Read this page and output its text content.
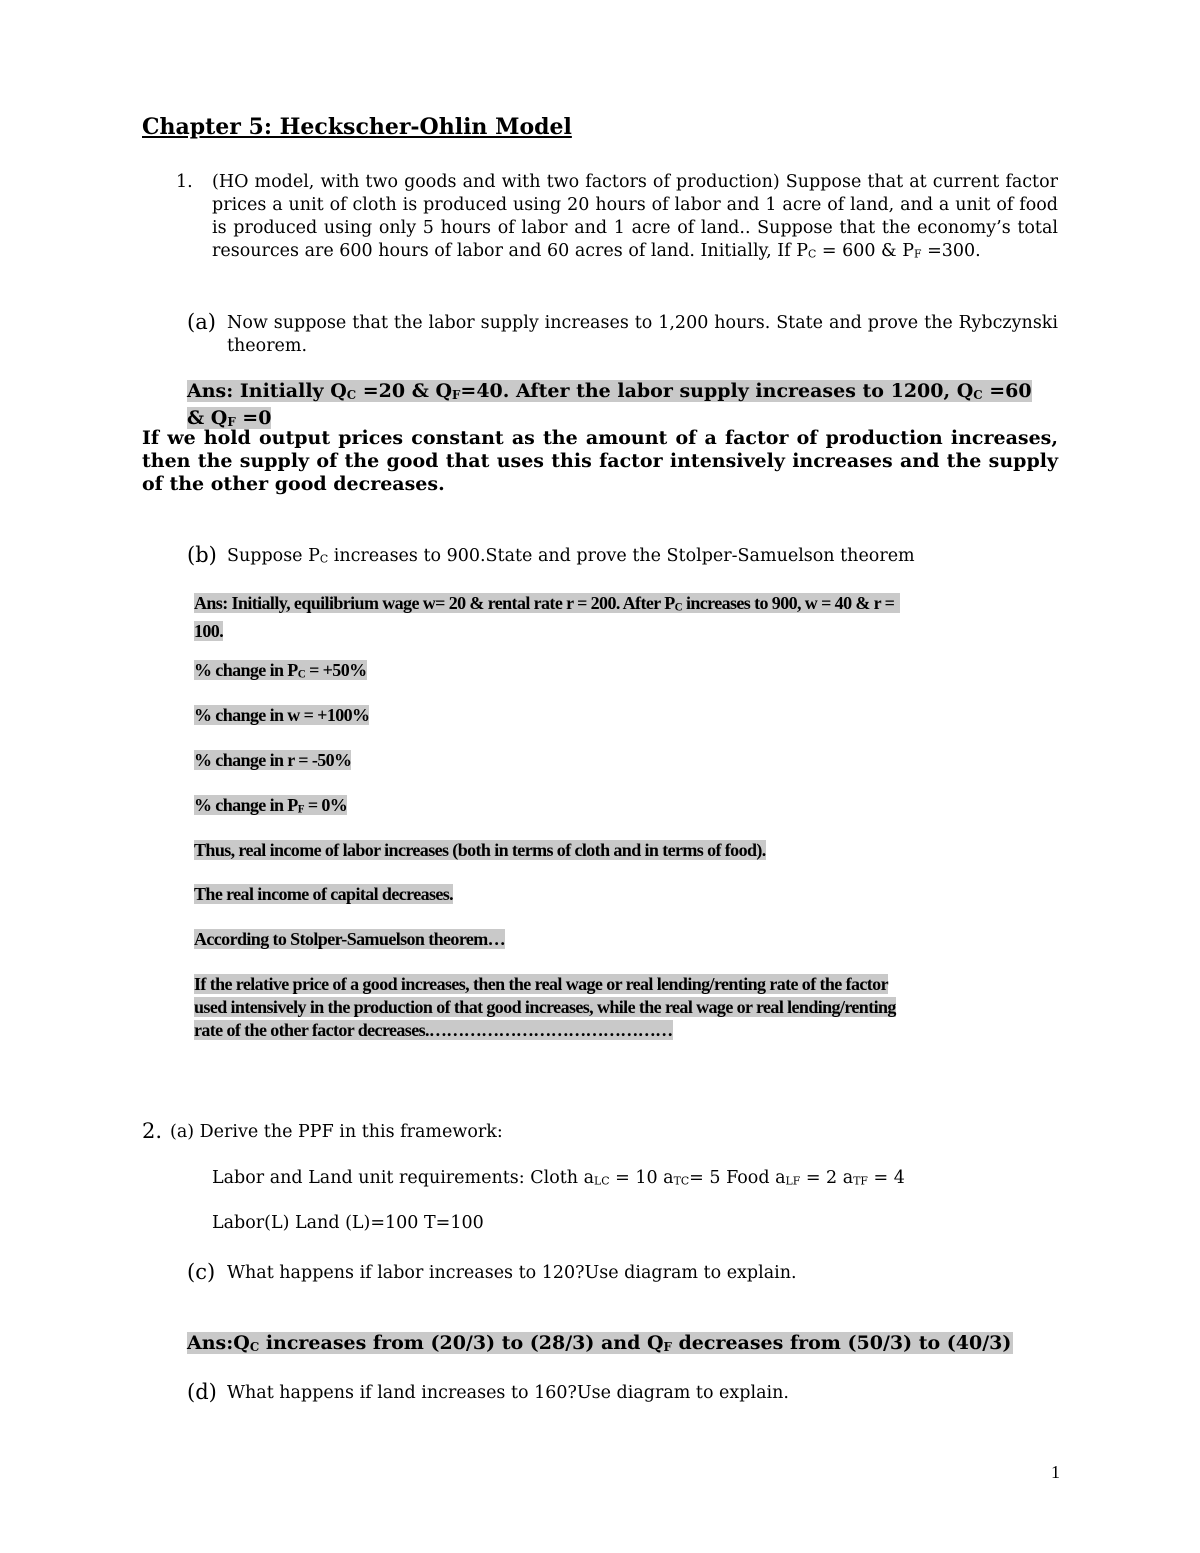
Chapter 5: Heckscher-Ohlin Model
1. (HO model, with two goods and with two factors of production) Suppose that at current factor prices a unit of cloth is produced using 20 hours of labor and 1 acre of land, and a unit of food is produced using only 5 hours of labor and 1 acre of land.. Suppose that the economy’s total resources are 600 hours of labor and 60 acres of land. Initially, If $P_C = 600$ & $P_F =300$.

(a) Now suppose that the labor supply increases to 1,200 hours. State and prove the Rybczynski theorem.

Ans: Initially $Q_C =20$ & $Q_F=40$. After the labor supply increases to 1200, $Q_C =60$
& $Q_F =0$

If we hold output prices constant as the amount of a factor of production increases, then the supply of the good that uses this factor intensively increases and the supply of the other good decreases.

(b) Suppose $P_C$ increases to 900.State and prove the Stolper-Samuelson theorem

Ans: Initially, equilibrium wage w= 20 & rental rate r = 200. After $P_C$ increases to 900, w = 40 & r =
100.
% change in $P_C = +50\%$
% change in w = +100%
% change in r = -50%
% change in $P_F = 0\%$
Thus, real income of labor increases (both in terms of cloth and in terms of food).
The real income of capital decreases.
According to Stolper-Samuelson theorem…
If the relative price of a good increases, then the real wage or real lending/renting rate of the factor
used intensively in the production of that good increases, while the real wage or real lending/renting
rate of the other factor decreases.……………………………………
2. (a) Derive the PPF in this framework:

Labor and Land unit requirements: Cloth $a_{LC} = 10$ $a_{TC}= 5$ Food $a_{LF} = 2$ $a_{TF} = 4$

Labor(L) Land (L)=100 T=100

(c) What happens if labor increases to 120?Use diagram to explain.

$Ans:Q_C$ increases from (20/3) to (28/3) and $Q_F$ decreases from (50/3) to (40/3)
(d) What happens if land increases to 160?Use diagram to explain.

1
